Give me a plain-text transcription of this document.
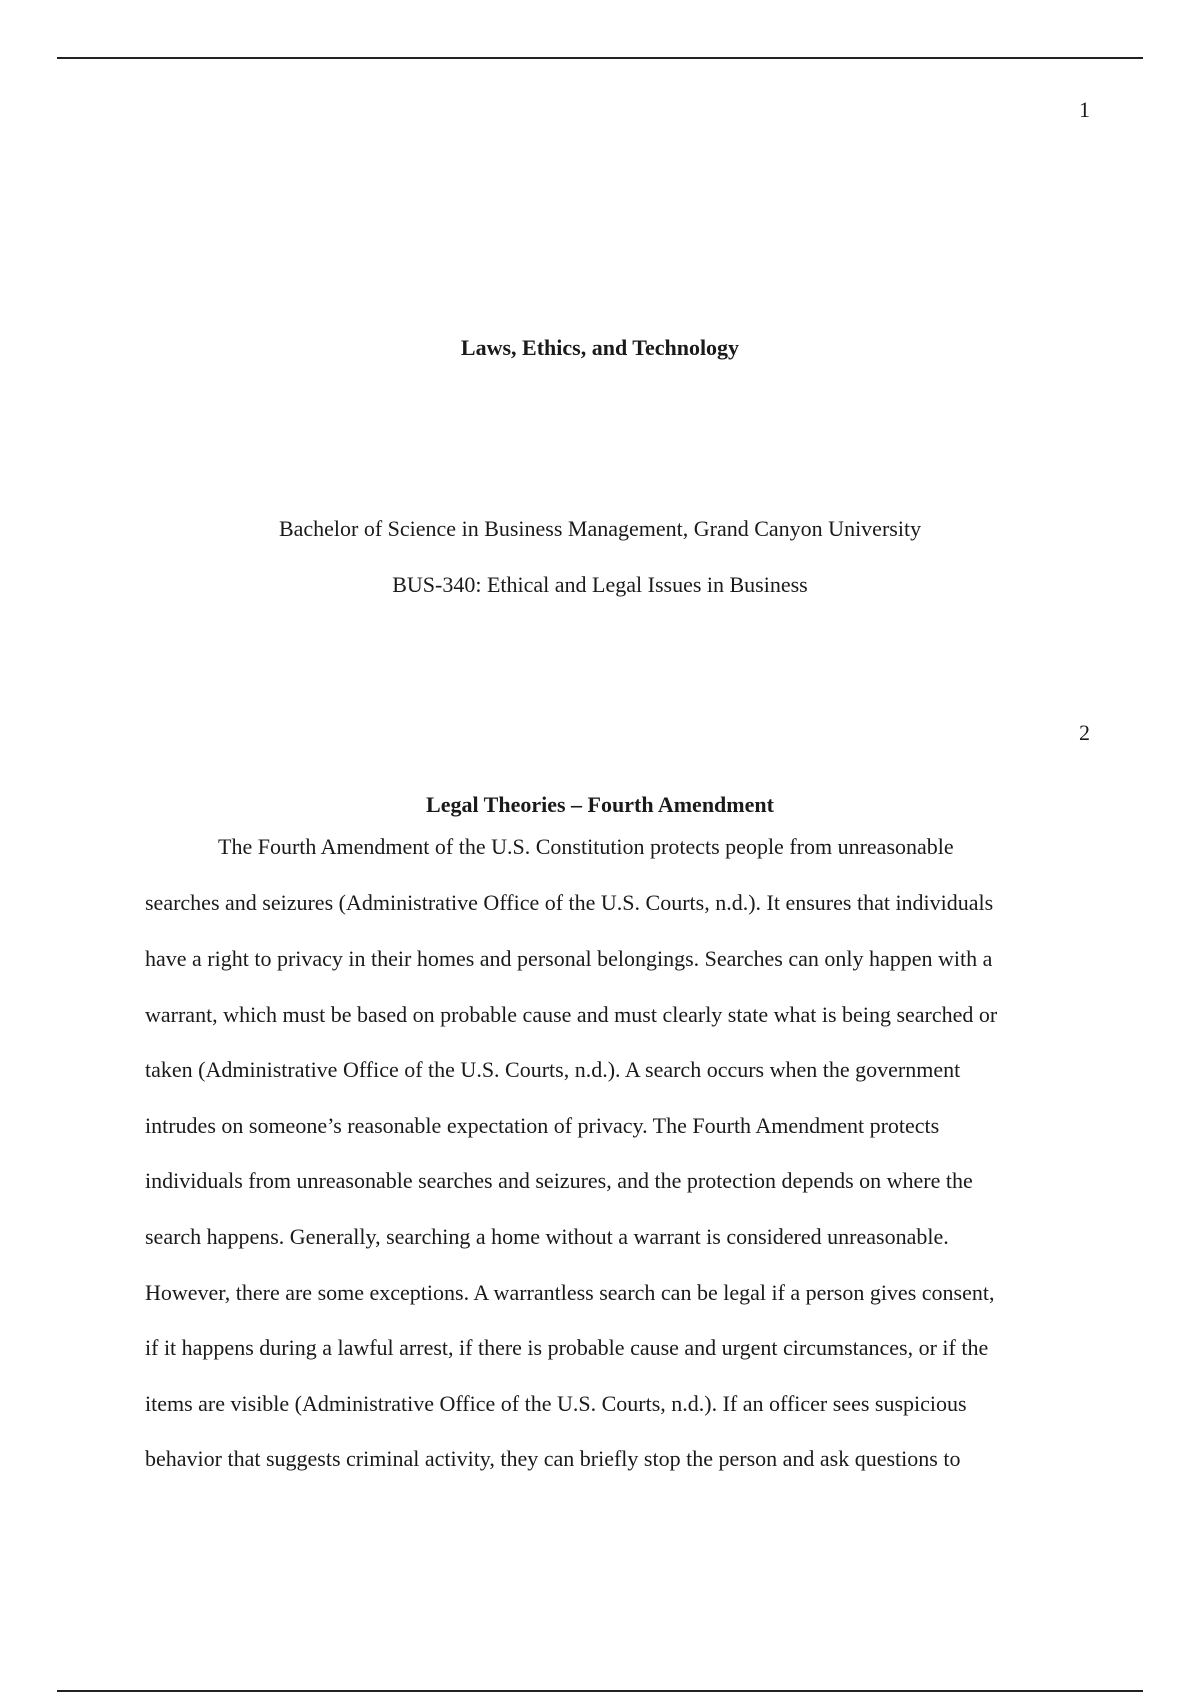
1
Laws, Ethics, and Technology
Bachelor of Science in Business Management, Grand Canyon University
BUS-340: Ethical and Legal Issues in Business
2
Legal Theories – Fourth Amendment
The Fourth Amendment of the U.S. Constitution protects people from unreasonable
searches and seizures (Administrative Office of the U.S. Courts, n.d.). It ensures that individuals
have a right to privacy in their homes and personal belongings. Searches can only happen with a
warrant, which must be based on probable cause and must clearly state what is being searched or
taken (Administrative Office of the U.S. Courts, n.d.). A search occurs when the government
intrudes on someone’s reasonable expectation of privacy. The Fourth Amendment protects
individuals from unreasonable searches and seizures, and the protection depends on where the
search happens. Generally, searching a home without a warrant is considered unreasonable.
However, there are some exceptions. A warrantless search can be legal if a person gives consent,
if it happens during a lawful arrest, if there is probable cause and urgent circumstances, or if the
items are visible (Administrative Office of the U.S. Courts, n.d.). If an officer sees suspicious
behavior that suggests criminal activity, they can briefly stop the person and ask questions to
